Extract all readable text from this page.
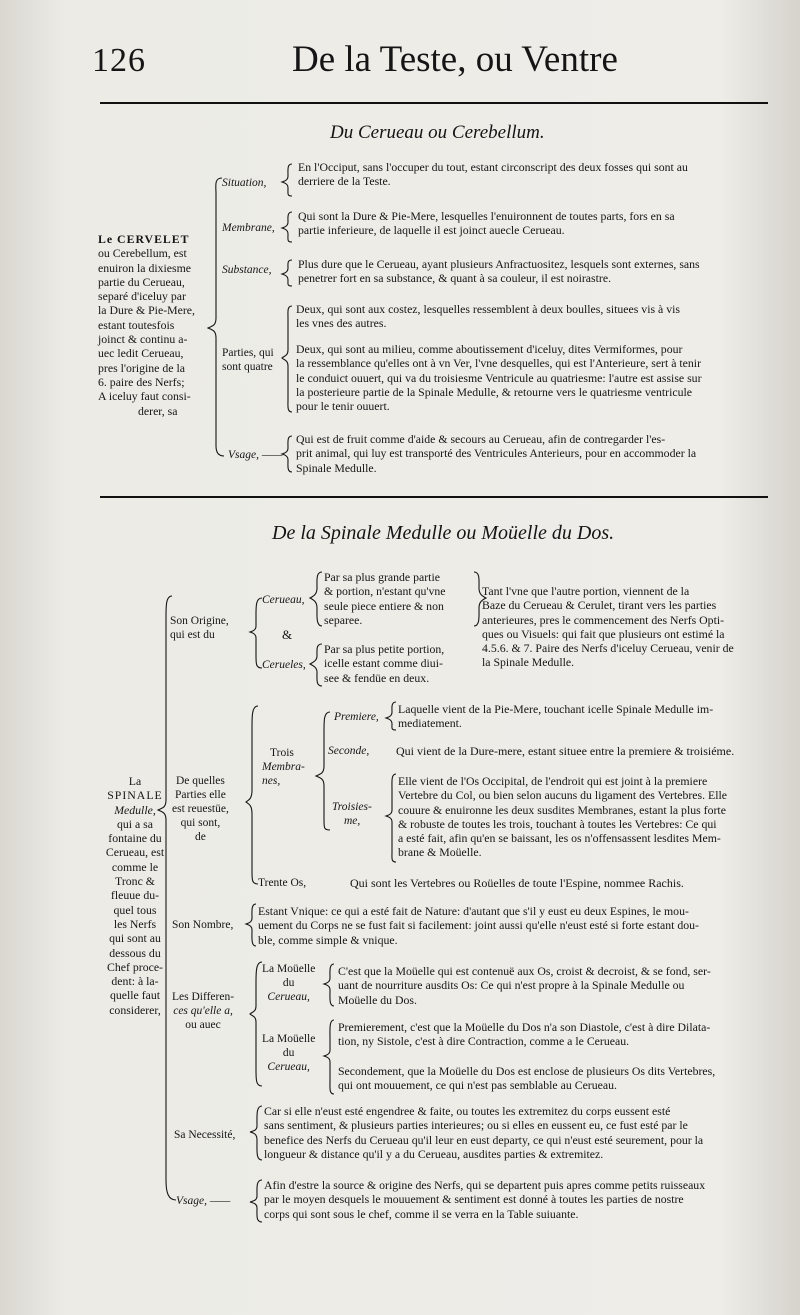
126	De la Teste, ou Ventre
Du Cerueau ou Cerebellum.
Le CERVELET
ou Cerebellum, est
enuiron la dixiesme
partie du Cerueau,
separé d'iceluy par
la Dure & Pie-Mere,
estant toutesfois
joinct & continu a-
uec ledit Cerueau,
pres l'origine de la
6. paire des Nerfs;
A iceluy faut consi-
derer, sa
Situation,
En l'Occiput, sans l'occuper du tout, estant circonscript des deux fosses qui sont au
derriere de la Teste.
Membrane,
Qui sont la Dure & Pie-Mere, lesquelles l'enuironnent de toutes parts, fors en sa
partie inferieure, de laquelle il est joinct auecle Cerueau.
Substance, Plus dure que le Cerueau, ayant plusieurs Anfractuositez, lesquels sont externes, sans
penetrer fort en sa substance, & quant à sa couleur, il est noirastre.
Parties, qui
sont quatre
Deux, qui sont aux costez, lesquelles ressemblent à deux boulles, situees vis à vis
les vnes des autres.
Deux, qui sont au milieu, comme aboutissement d'iceluy, dites Vermiformes, pour
la ressemblance qu'elles ont à vn Ver, l'vne desquelles, qui est l'Anterieure, sert à tenir
le conduict ouuert, qui va du troisiesme Ventricule au quatriesme: l'autre est assise sur
la posterieure partie de la Spinale Medulle, & retourne vers le quatriesme ventricule
pour le tenir ouuert.
Vsage, ——
Qui est de fruit comme d'aide & secours au Cerueau, afin de contregarder l'es-
prit animal, qui luy est transporté des Ventricules Anterieurs, pour en accommoder la
Spinale Medulle.
De la Spinale Medulle ou Moüelle du Dos.
La
SPINALE
Medulle,
qui a sa
fontaine du
Cerueau, est
comme le
Tronc &
fleuue du-
quel tous
les Nerfs
qui sont au
dessous du
Chef proce-
dent: à la-
quelle faut
considerer,
Son Origine,
qui est du
Cerueau,
Par sa plus grande partie
& portion, n'estant qu'vne
seule piece entiere & non
separee.
&
Cerueles,
Par sa plus petite portion,
icelle estant comme diui-
see & fendüe en deux.
Tant l'vne que l'autre portion, viennent de la
Baze du Cerueau & Cerulet, tirant vers les parties
anterieures, pres le commencement des Nerfs Opti-
ques ou Visuels: qui fait que plusieurs ont estimé la
4.5.6. & 7. Paire des Nerfs d'iceluy Cerueau, venir de
la Spinale Medulle.
De quelles
Parties elle
est reuestüe,
qui sont,
de
Trois
Membra-
nes,
Premiere,
Laquelle vient de la Pie-Mere, touchant icelle Spinale Medulle im-
mediatement.
Seconde, Qui vient de la Dure-mere, estant situee entre la premiere & troisiéme.
Troisies-
me,
Elle vient de l'Os Occipital, de l'endroit qui est joint à la premiere
Vertebre du Col, ou bien selon aucuns du ligament des Vertebres. Elle
couure & enuironne les deux susdites Membranes, estant la plus forte
& robuste de toutes les trois, touchant à toutes les Vertebres: Ce qui
a esté fait, afin qu'en se baissant, les os n'offensassent lesdites Mem-
brane & Moüelle.
Trente Os,	Qui sont les Vertebres ou Roüelles de toute l'Espine, nommee Rachis.
Son Nombre,
Estant Vnique: ce qui a esté fait de Nature: d'autant que s'il y eust eu deux Espines, le mou-
uement du Corps ne se fust fait si facilement: joint aussi qu'elle n'eust esté si forte estant dou-
ble, comme simple & vnique.
Les Differen-
ces qu'elle a,
ou auec
La Moüelle
du
Cerueau,
C'est que la Moüelle qui est contenuë aux Os, croist & decroist, & se fond, ser-
uant de nourriture ausdits Os: Ce qui n'est propre à la Spinale Medulle ou
Moüelle du Dos.
La Moüelle
du
Cerueau,
Premierement, c'est que la Moüelle du Dos n'a son Diastole, c'est à dire Dilata-
tion, ny Sistole, c'est à dire Contraction, comme a le Cerueau.
Secondement, que la Moüelle du Dos est enclose de plusieurs Os dits Vertebres,
qui ont mouuement, ce qui n'est pas semblable au Cerueau.
Sa Necessité,
Car si elle n'eust esté engendree & faite, ou toutes les extremitez du corps eussent esté
sans sentiment, & plusieurs parties interieures; ou si elles en eussent eu, ce fust esté par le
benefice des Nerfs du Cerueau qu'il leur en eust departy, ce qui n'eust esté seurement, pour la
longueur & distance qu'il y a du Cerueau, ausdites parties & extremitez.
Vsage, ——
Afin d'estre la source & origine des Nerfs, qui se departent puis apres comme petits ruisseaux
par le moyen desquels le mouuement & sentiment est donné à toutes les parties de nostre
corps qui sont sous le chef, comme il se verra en la Table suiuante.
